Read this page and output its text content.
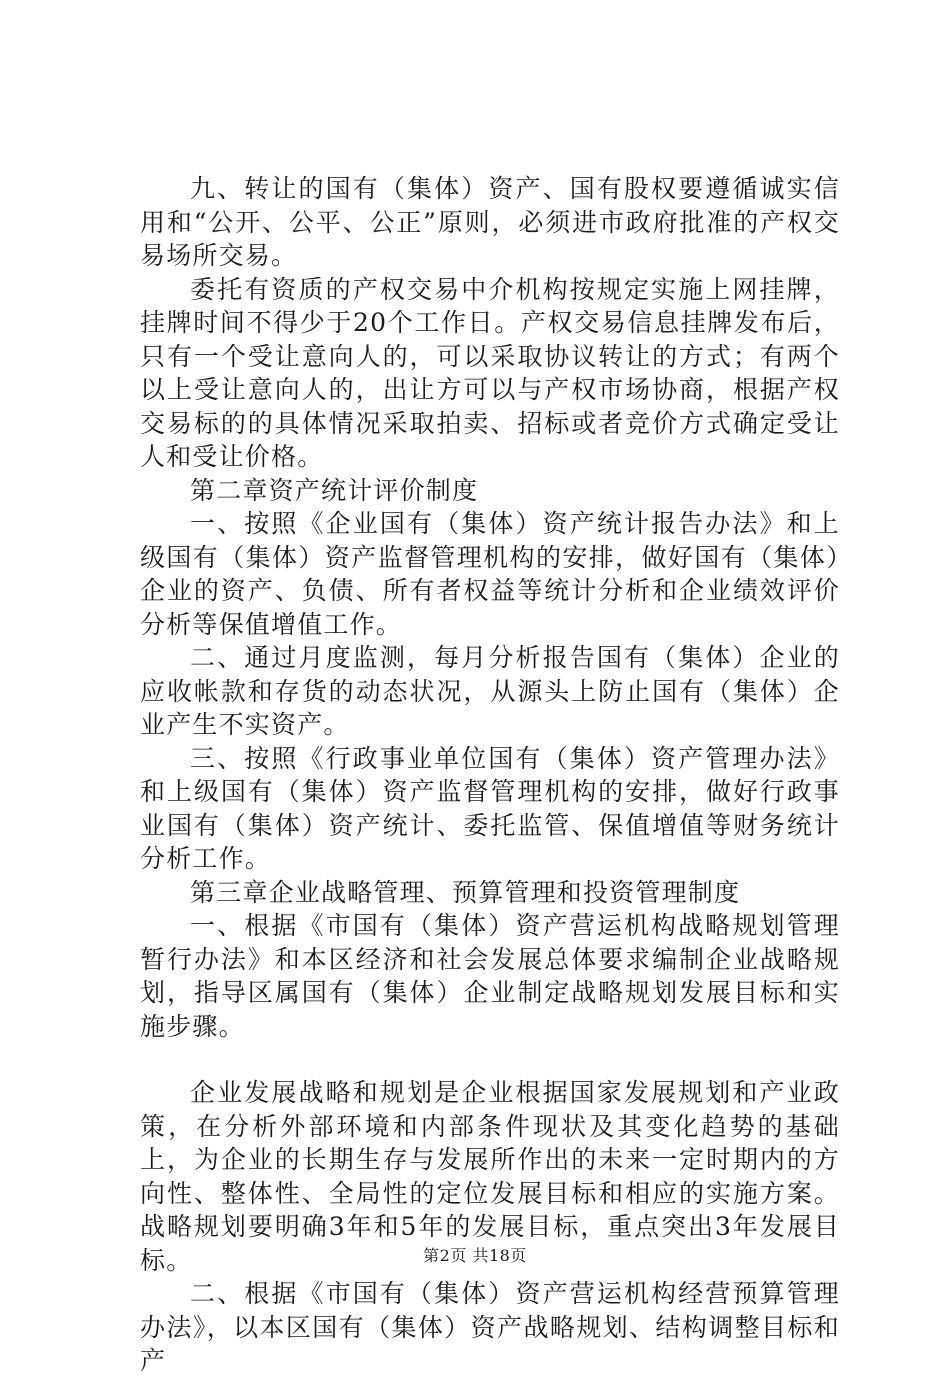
九、转让的国有（集体）资产、国有股权要遵循诚实信用和“公开、公平、公正”原则，必须进市政府批准的产权交易场所交易。

委托有资质的产权交易中介机构按规定实施上网挂牌，挂牌时间不得少于20个工作日。产权交易信息挂牌发布后，只有一个受让意向人的，可以采取协议转让的方式；有两个以上受让意向人的，出让方可以与产权市场协商，根据产权交易标的的具体情况采取拍卖、招标或者竞价方式确定受让人和受让价格。

第二章资产统计评价制度

一、按照《企业国有（集体）资产统计报告办法》和上级国有（集体）资产监督管理机构的安排，做好国有（集体）企业的资产、负债、所有者权益等统计分析和企业绩效评价分析等保值增值工作。

二、通过月度监测，每月分析报告国有（集体）企业的应收帐款和存货的动态状况，从源头上防止国有（集体）企业产生不实资产。

三、按照《行政事业单位国有（集体）资产管理办法》和上级国有（集体）资产监督管理机构的安排，做好行政事业国有（集体）资产统计、委托监管、保值增值等财务统计分析工作。

第三章企业战略管理、预算管理和投资管理制度

一、根据《市国有（集体）资产营运机构战略规划管理暂行办法》和本区经济和社会发展总体要求编制企业战略规划，指导区属国有（集体）企业制定战略规划发展目标和实施步骤。

企业发展战略和规划是企业根据国家发展规划和产业政策，在分析外部环境和内部条件现状及其变化趋势的基础上，为企业的长期生存与发展所作出的未来一定时期内的方向性、整体性、全局性的定位发展目标和相应的实施方案。战略规划要明确3年和5年的发展目标，重点突出3年发展目标。

二、根据《市国有（集体）资产营运机构经营预算管理办法》，以本区国有（集体）资产战略规划、结构调整目标和产

第2页 共18页
